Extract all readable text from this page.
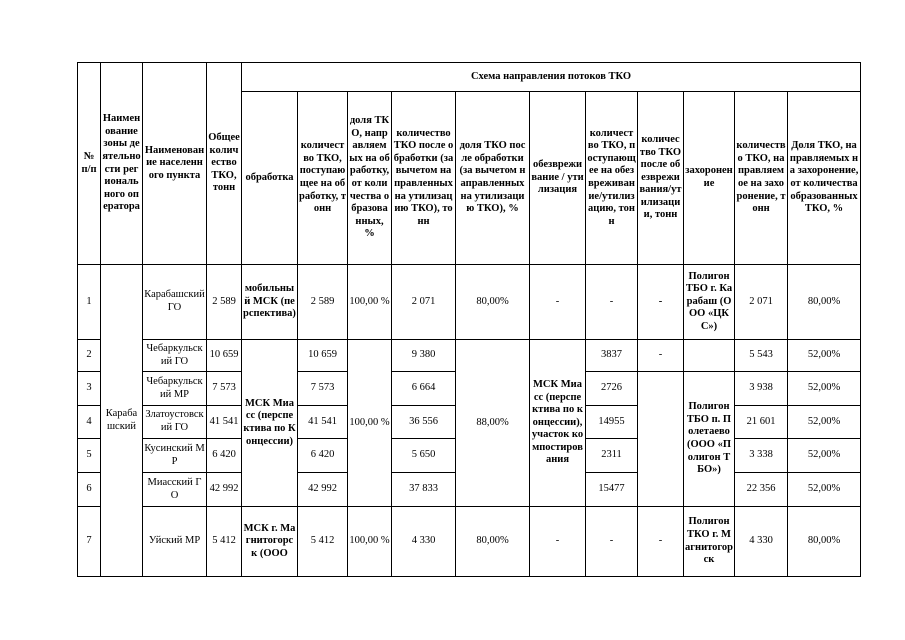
№ п/п	Наименование зоны деятельности регионального оператора	Наименование населенного пункта	Общее количество ТКО, тонн	Схема направления потоков ТКО										
				обработка	количество ТКО, поступающее на обработку, тонн	доля ТКО, направляемых на обработку, от количества образованных, %	количество ТКО после обработки (за вычетом направленных на утилизацию ТКО), тонн	доля ТКО после обработки (за вычетом направленных на утилизацию ТКО), %	обезвреживание / утилизация	количество ТКО, поступающее на обезвреживание/утилизацию, тонн	количество ТКО после обезвреживания/утилизации, тонн	захоронение	количество ТКО, направляемое на захоронение, тонн	Доля ТКО, направляемых на захоронение, от количества образованных ТКО, %
1	Карабашский	Карабашский ГО	2 589	мобильный МСК (перспектива)	2 589	100,00 %	2 071	80,00%	-	-	-	Полигон ТБО г. Карабаш (ООО «ЦКС»)	2 071	80,00%
2		Чебаркульский ГО	10 659	МСК Миасс (перспектива по Концессии)	10 659	100,00 %	9 380	88,00%	МСК Миасс (перспектива по концессии), участок компостирования	3837	-		5 543	52,00%
3		Чебаркульский МР	7 573		7 573		6 664			2726		Полигон ТБО п. Полетаево (ООО «Полигон ТБО»)	3 938	52,00%
4		Златоустовский ГО	41 541		41 541		36 556			14955			21 601	52,00%
5		Кусинский МР	6 420		6 420		5 650			2311			3 338	52,00%
6		Миасский ГО	42 992		42 992		37 833			15477			22 356	52,00%
7		Уйский МР	5 412	МСК г. Магнитогорск (ООО	5 412	100,00 %	4 330	80,00%	-	-	-	Полигон ТКО г. Магнитогорск	4 330	80,00%
